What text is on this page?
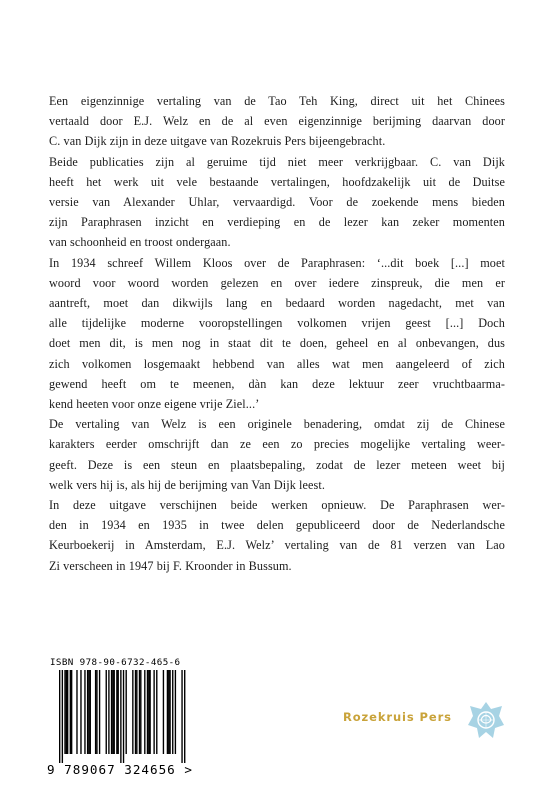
Een eigenzinnige vertaling van de Tao Teh King, direct uit het Chinees
vertaald door E.J. Welz en de al even eigenzinnige berijming daarvan door
C. van Dijk zijn in deze uitgave van Rozekruis Pers bijeengebracht.

Beide publicaties zijn al geruime tijd niet meer verkrijgbaar. C. van Dijk
heeft het werk uit vele bestaande vertalingen, hoofdzakelijk uit de Duitse
versie van Alexander Uhlar, vervaardigd. Voor de zoekende mens bieden
zijn Paraphrasen inzicht en verdieping en de lezer kan zeker momenten
van schoonheid en troost ondergaan.

In 1934 schreef Willem Kloos over de Paraphrasen: ‘...dit boek [...] moet
woord voor woord worden gelezen en over iedere zinspreuk, die men er
aantreft, moet dan dikwijls lang en bedaard worden nagedacht, met van
alle tijdelijke moderne vooropstellingen volkomen vrijen geest [...] Doch
doet men dit, is men nog in staat dit te doen, geheel en al onbevangen, dus
zich volkomen losgemaakt hebbend van alles wat men aangeleerd of zich
gewend heeft om te meenen, dàn kan deze lektuur zeer vruchtbaarma-
kend heeten voor onze eigene vrije Ziel...’

De vertaling van Welz is een originele benadering, omdat zij de Chinese
karakters eerder omschrijft dan ze een zo precies mogelijke vertaling weer-
geeft. Deze is een steun en plaatsbepaling, zodat de lezer meteen weet bij
welk vers hij is, als hij de berijming van Van Dijk leest.

In deze uitgave verschijnen beide werken opnieuw. De Paraphrasen wer-
den in 1934 en 1935 in twee delen gepubliceerd door de Nederlandsche
Keurboekerij in Amsterdam, E.J. Welz’ vertaling van de 81 verzen van Lao
Zi verscheen in 1947 bij F. Kroonder in Bussum.

ISBN 978-90-6732-465-6
9 789067 324656 >
Rozekruis Pers
